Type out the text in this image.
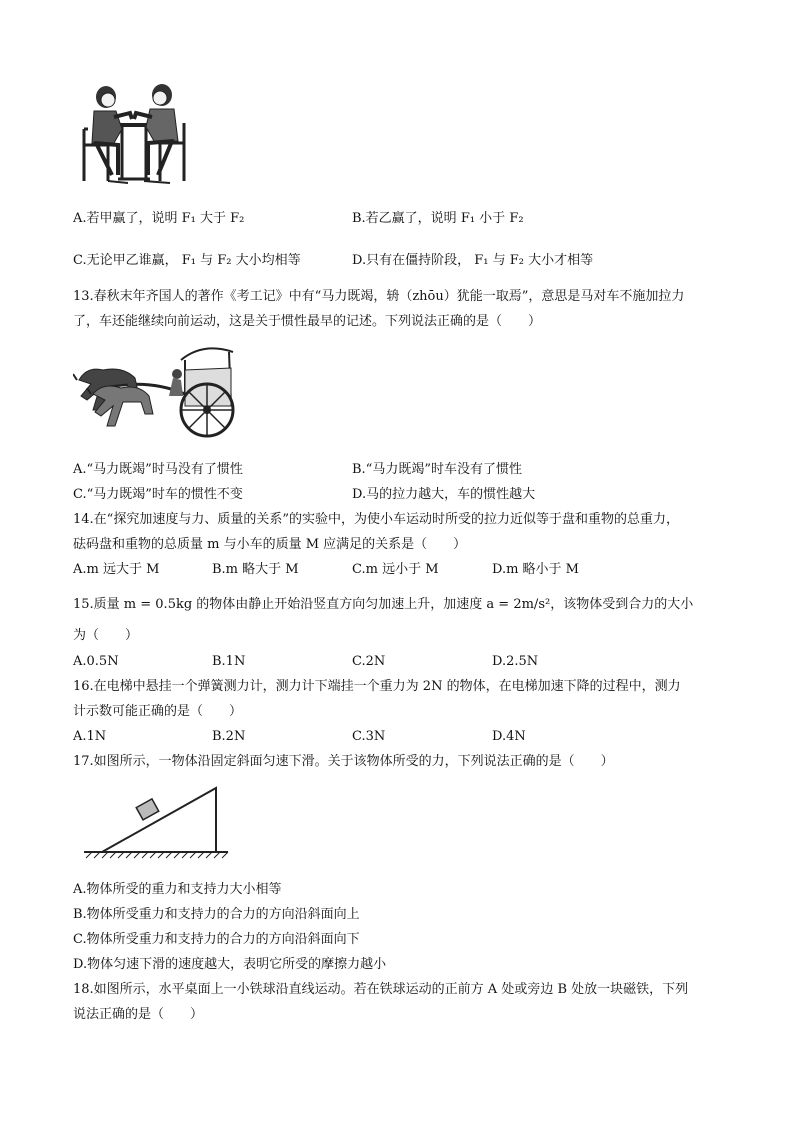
A.若甲赢了，说明 F₁ 大于 F₂	B.若乙赢了，说明 F₁ 小于 F₂
C.无论甲乙谁赢， F₁ 与 F₂ 大小均相等	D.只有在僵持阶段， F₁ 与 F₂ 大小才相等
13.春秋末年齐国人的著作《考工记》中有“马力既竭，辀（zhōu）犹能一取焉”，意思是马对车不施加拉力
了，车还能继续向前运动，这是关于惯性最早的记述。下列说法正确的是（　　）
A.“马力既竭”时马没有了惯性	B.“马力既竭”时车没有了惯性
C.“马力既竭”时车的惯性不变	D.马的拉力越大，车的惯性越大
14.在“探究加速度与力、质量的关系”的实验中，为使小车运动时所受的拉力近似等于盘和重物的总重力，
砝码盘和重物的总质量 m 与小车的质量 M 应满足的关系是（　　）
A.m 远大于 M	B.m 略大于 M	C.m 远小于 M	D.m 略小于 M
15.质量 m = 0.5kg 的物体由静止开始沿竖直方向匀加速上升，加速度 a = 2m/s²，该物体受到合力的大小
为（　　）
A.0.5N	B.1N	C.2N	D.2.5N
16.在电梯中悬挂一个弹簧测力计，测力计下端挂一个重力为 2N 的物体，在电梯加速下降的过程中，测力
计示数可能正确的是（　　）
A.1N	B.2N	C.3N	D.4N
17.如图所示，一物体沿固定斜面匀速下滑。关于该物体所受的力，下列说法正确的是（　　）
A.物体所受的重力和支持力大小相等
B.物体所受重力和支持力的合力的方向沿斜面向上
C.物体所受重力和支持力的合力的方向沿斜面向下
D.物体匀速下滑的速度越大，表明它所受的摩擦力越小
18.如图所示，水平桌面上一小铁球沿直线运动。若在铁球运动的正前方 A 处或旁边 B 处放一块磁铁，下列
说法正确的是（　　）
